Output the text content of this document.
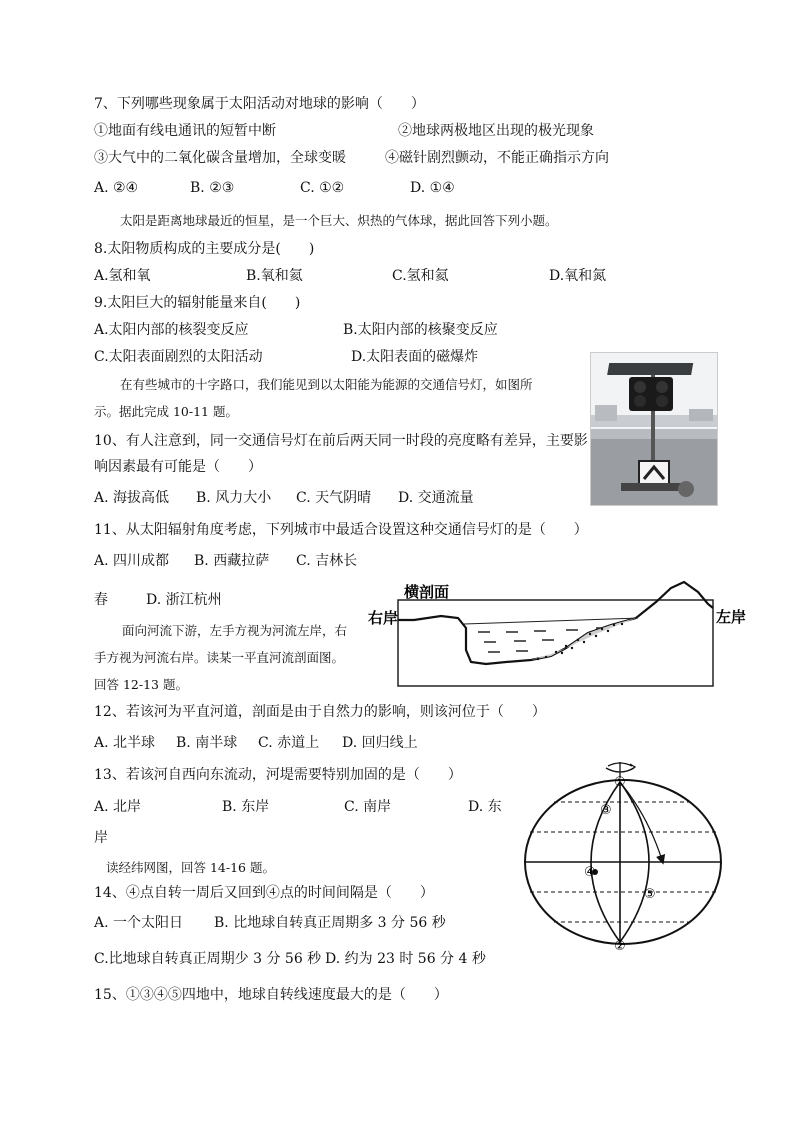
7、下列哪些现象属于太阳活动对地球的影响（　　）
①地面有线电通讯的短暂中断	②地球两极地区出现的极光现象
③大气中的二氧化碳含量增加，全球变暖	④磁针剧烈颤动，不能正确指示方向
A. ②④	B. ②③	C. ①②	D. ①④
太阳是距离地球最近的恒星，是一个巨大、炽热的气体球，据此回答下列小题。
8.太阳物质构成的主要成分是(　　)
A.氢和氧	B.氧和氦	C.氢和氦	D.氧和氮
9.太阳巨大的辐射能量来自(　　)
A.太阳内部的核裂变反应	B.太阳内部的核聚变反应
C.太阳表面剧烈的太阳活动	D.太阳表面的磁爆炸
在有些城市的十字路口，我们能见到以太阳能为能源的交通信号灯，如图所
示。据此完成 10-11 题。
10、有人注意到，同一交通信号灯在前后两天同一时段的亮度略有差异，主要影
响因素最有可能是（　　）
A. 海拔高低 B. 风力大小 C. 天气阴晴 D. 交通流量
11、从太阳辐射角度考虑，下列城市中最适合设置这种交通信号灯的是（　　）
A. 四川成都 B. 西藏拉萨 C. 吉林长
春	D. 浙江杭州	横剖面
右岸	左岸
面向河流下游，左手方视为河流左岸，右
手方视为河流右岸。读某一平直河流剖面图。
回答 12-13 题。
12、若该河为平直河道，剖面是由于自然力的影响，则该河位于（　　）
A. 北半球 B. 南半球 C. 赤道上 D. 回归线上
13、若该河自西向东流动，河堤需要特别加固的是（　　）
A. 北岸	B. 东岸	C. 南岸	D. 东
岸
读经纬网图，回答 14-16 题。
①
②
③
④
⑤
14、④点自转一周后又回到④点的时间间隔是（　　）
A. 一个太阳日 B. 比地球自转真正周期多 3 分 56 秒
C.比地球自转真正周期少 3 分 56 秒 D. 约为 23 时 56 分 4 秒
15、①③④⑤四地中，地球自转线速度最大的是（　　）
